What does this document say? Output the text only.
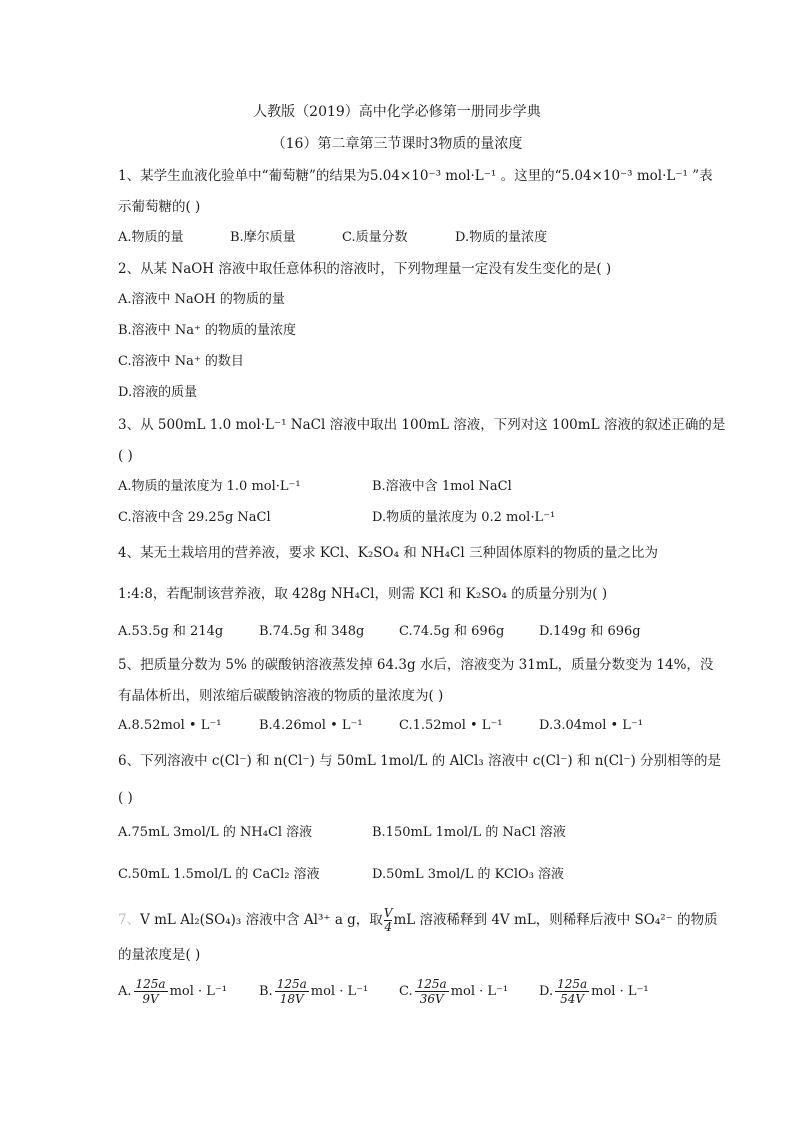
人教版（2019）高中化学必修第一册同步学典
（16）第二章第三节课时3物质的量浓度
1、某学生血液化验单中“葡萄糖”的结果为5.04×10⁻³ mol·L⁻¹ 。这里的“5.04×10⁻³ mol·L⁻¹ ”表
示葡萄糖的( )
A.物质的量	B.摩尔质量	C.质量分数	D.物质的量浓度
2、从某 NaOH 溶液中取任意体积的溶液时，下列物理量一定没有发生变化的是( )
A.溶液中 NaOH 的物质的量
B.溶液中 Na⁺ 的物质的量浓度
C.溶液中 Na⁺ 的数目
D.溶液的质量
3、从 500mL 1.0 mol·L⁻¹ NaCl 溶液中取出 100mL 溶液，下列对这 100mL 溶液的叙述正确的是
( )
A.物质的量浓度为 1.0 mol·L⁻¹	B.溶液中含 1mol NaCl
C.溶液中含 29.25g NaCl	D.物质的量浓度为 0.2 mol·L⁻¹
4、某无土栽培用的营养液，要求 KCl、K₂SO₄ 和 NH₄Cl 三种固体原料的物质的量之比为
1:4:8，若配制该营养液，取 428g NH₄Cl，则需 KCl 和 K₂SO₄ 的质量分别为( )
A.53.5g 和 214g	B.74.5g 和 348g	C.74.5g 和 696g	D.149g 和 696g
5、把质量分数为 5% 的碳酸钠溶液蒸发掉 64.3g 水后，溶液变为 31mL，质量分数变为 14%，没
有晶体析出，则浓缩后碳酸钠溶液的物质的量浓度为( )
A.8.52mol • L⁻¹	B.4.26mol • L⁻¹	C.1.52mol • L⁻¹	D.3.04mol • L⁻¹
6、下列溶液中 c(Cl⁻) 和 n(Cl⁻) 与 50mL 1mol/L 的 AlCl₃ 溶液中 c(Cl⁻) 和 n(Cl⁻) 分别相等的是
( )
A.75mL 3mol/L 的 NH₄Cl 溶液	B.150mL 1mol/L 的 NaCl 溶液
C.50mL 1.5mol/L 的 CaCl₂ 溶液	D.50mL 3mol/L 的 KClO₃ 溶液
7、V mL Al₂(SO₄)₃ 溶液中含 Al³⁺ a g，取 $\frac{V}{4}$ mL 溶液稀释到 4V mL，则稀释后液中 SO₄²⁻ 的物质
的量浓度是( )
A. $\frac{125a}{9V}$ mol · L⁻¹ B. $\frac{125a}{18V}$ mol · L⁻¹ C. $\frac{125a}{36V}$ mol · L⁻¹ D. $\frac{125a}{54V}$ mol · L⁻¹
